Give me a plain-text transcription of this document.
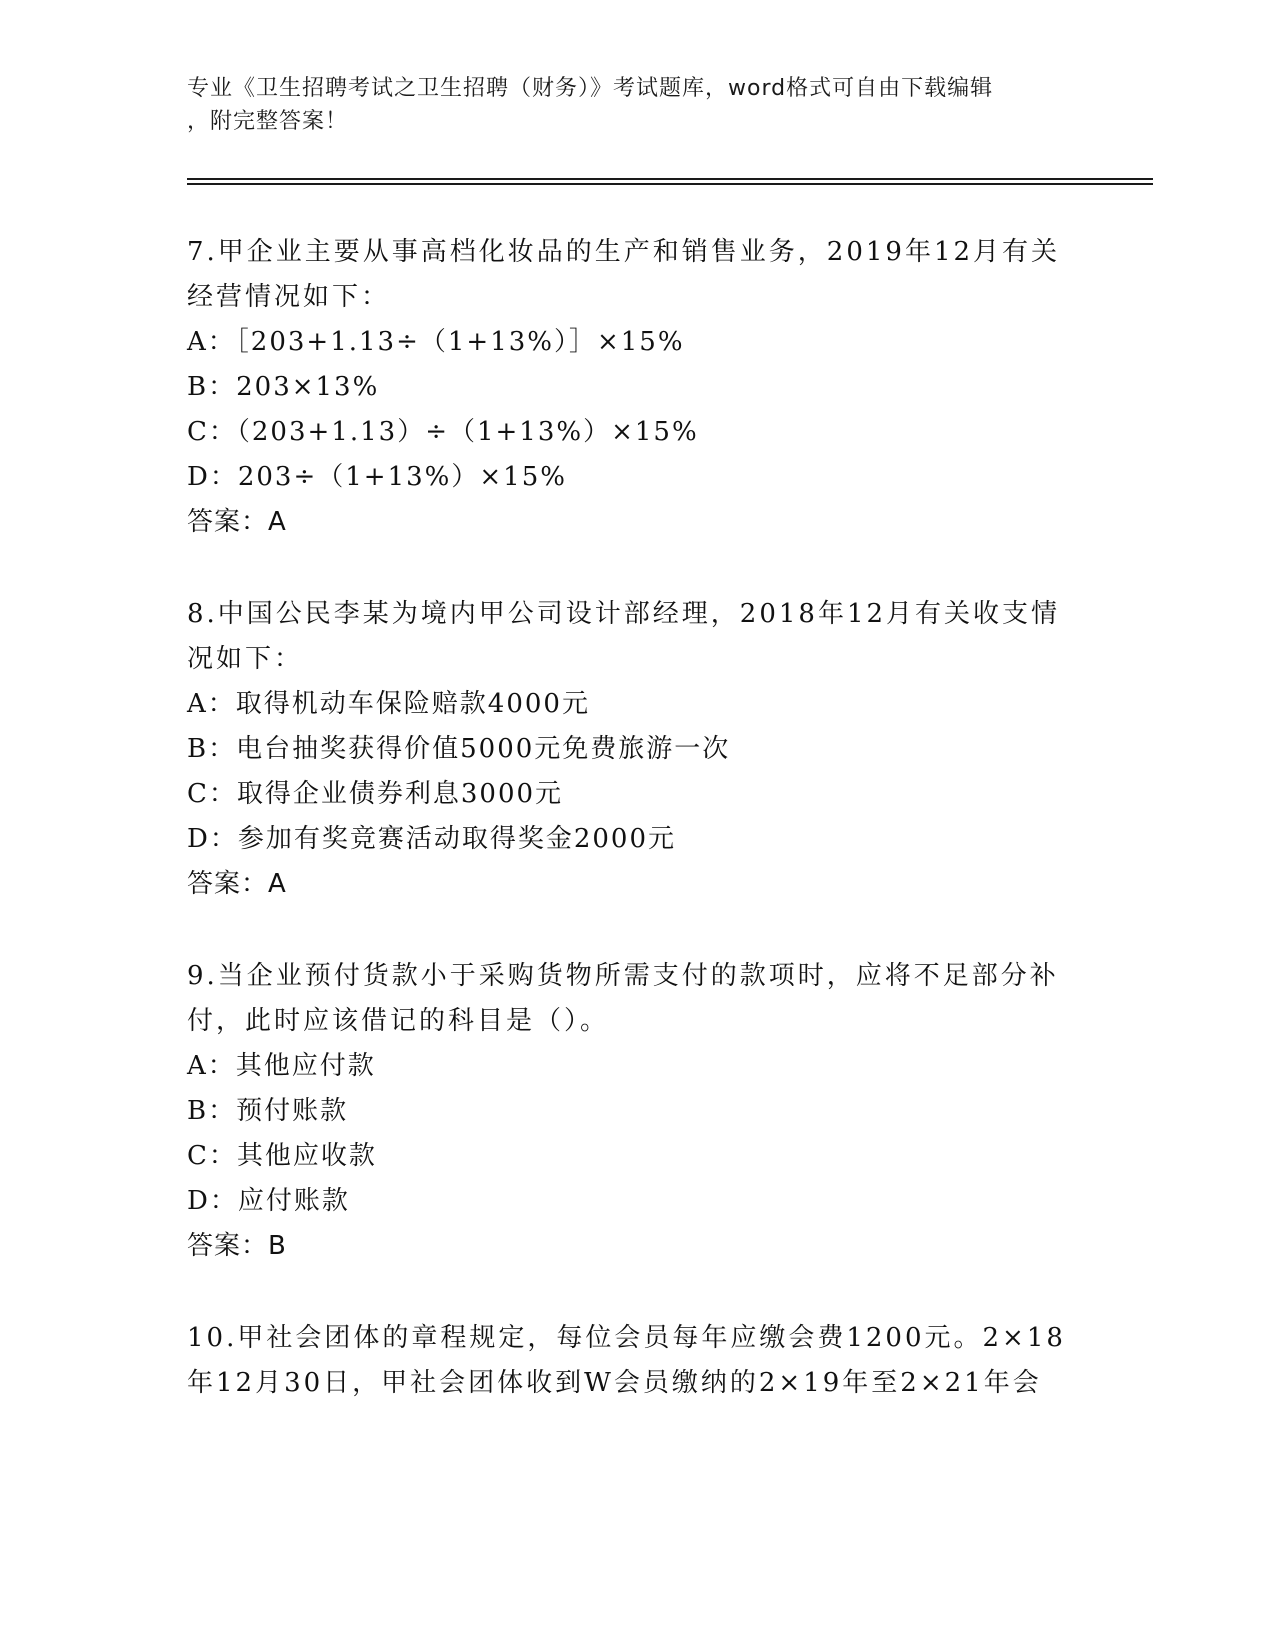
专业《卫生招聘考试之卫生招聘（财务）》考试题库，word格式可自由下载编辑
，附完整答案！

7.甲企业主要从事高档化妆品的生产和销售业务，2019年12月有关经营情况如下：

A：［203+1.13÷（1+13%）］×15%

B：203×13%

C：（203+1.13）÷（1+13%）×15%

D：203÷（1+13%）×15%

答案：A

8.中国公民李某为境内甲公司设计部经理，2018年12月有关收支情况如下：

A：取得机动车保险赔款4000元

B：电台抽奖获得价值5000元免费旅游一次

C：取得企业债券利息3000元

D：参加有奖竞赛活动取得奖金2000元

答案：A

9.当企业预付货款小于采购货物所需支付的款项时，应将不足部分补付，此时应该借记的科目是（）。

A：其他应付款

B：预付账款

C：其他应收款

D：应付账款

答案：B

10.甲社会团体的章程规定，每位会员每年应缴会费1200元。2×18年12月30日，甲社会团体收到W会员缴纳的2×19年至2×21年会
